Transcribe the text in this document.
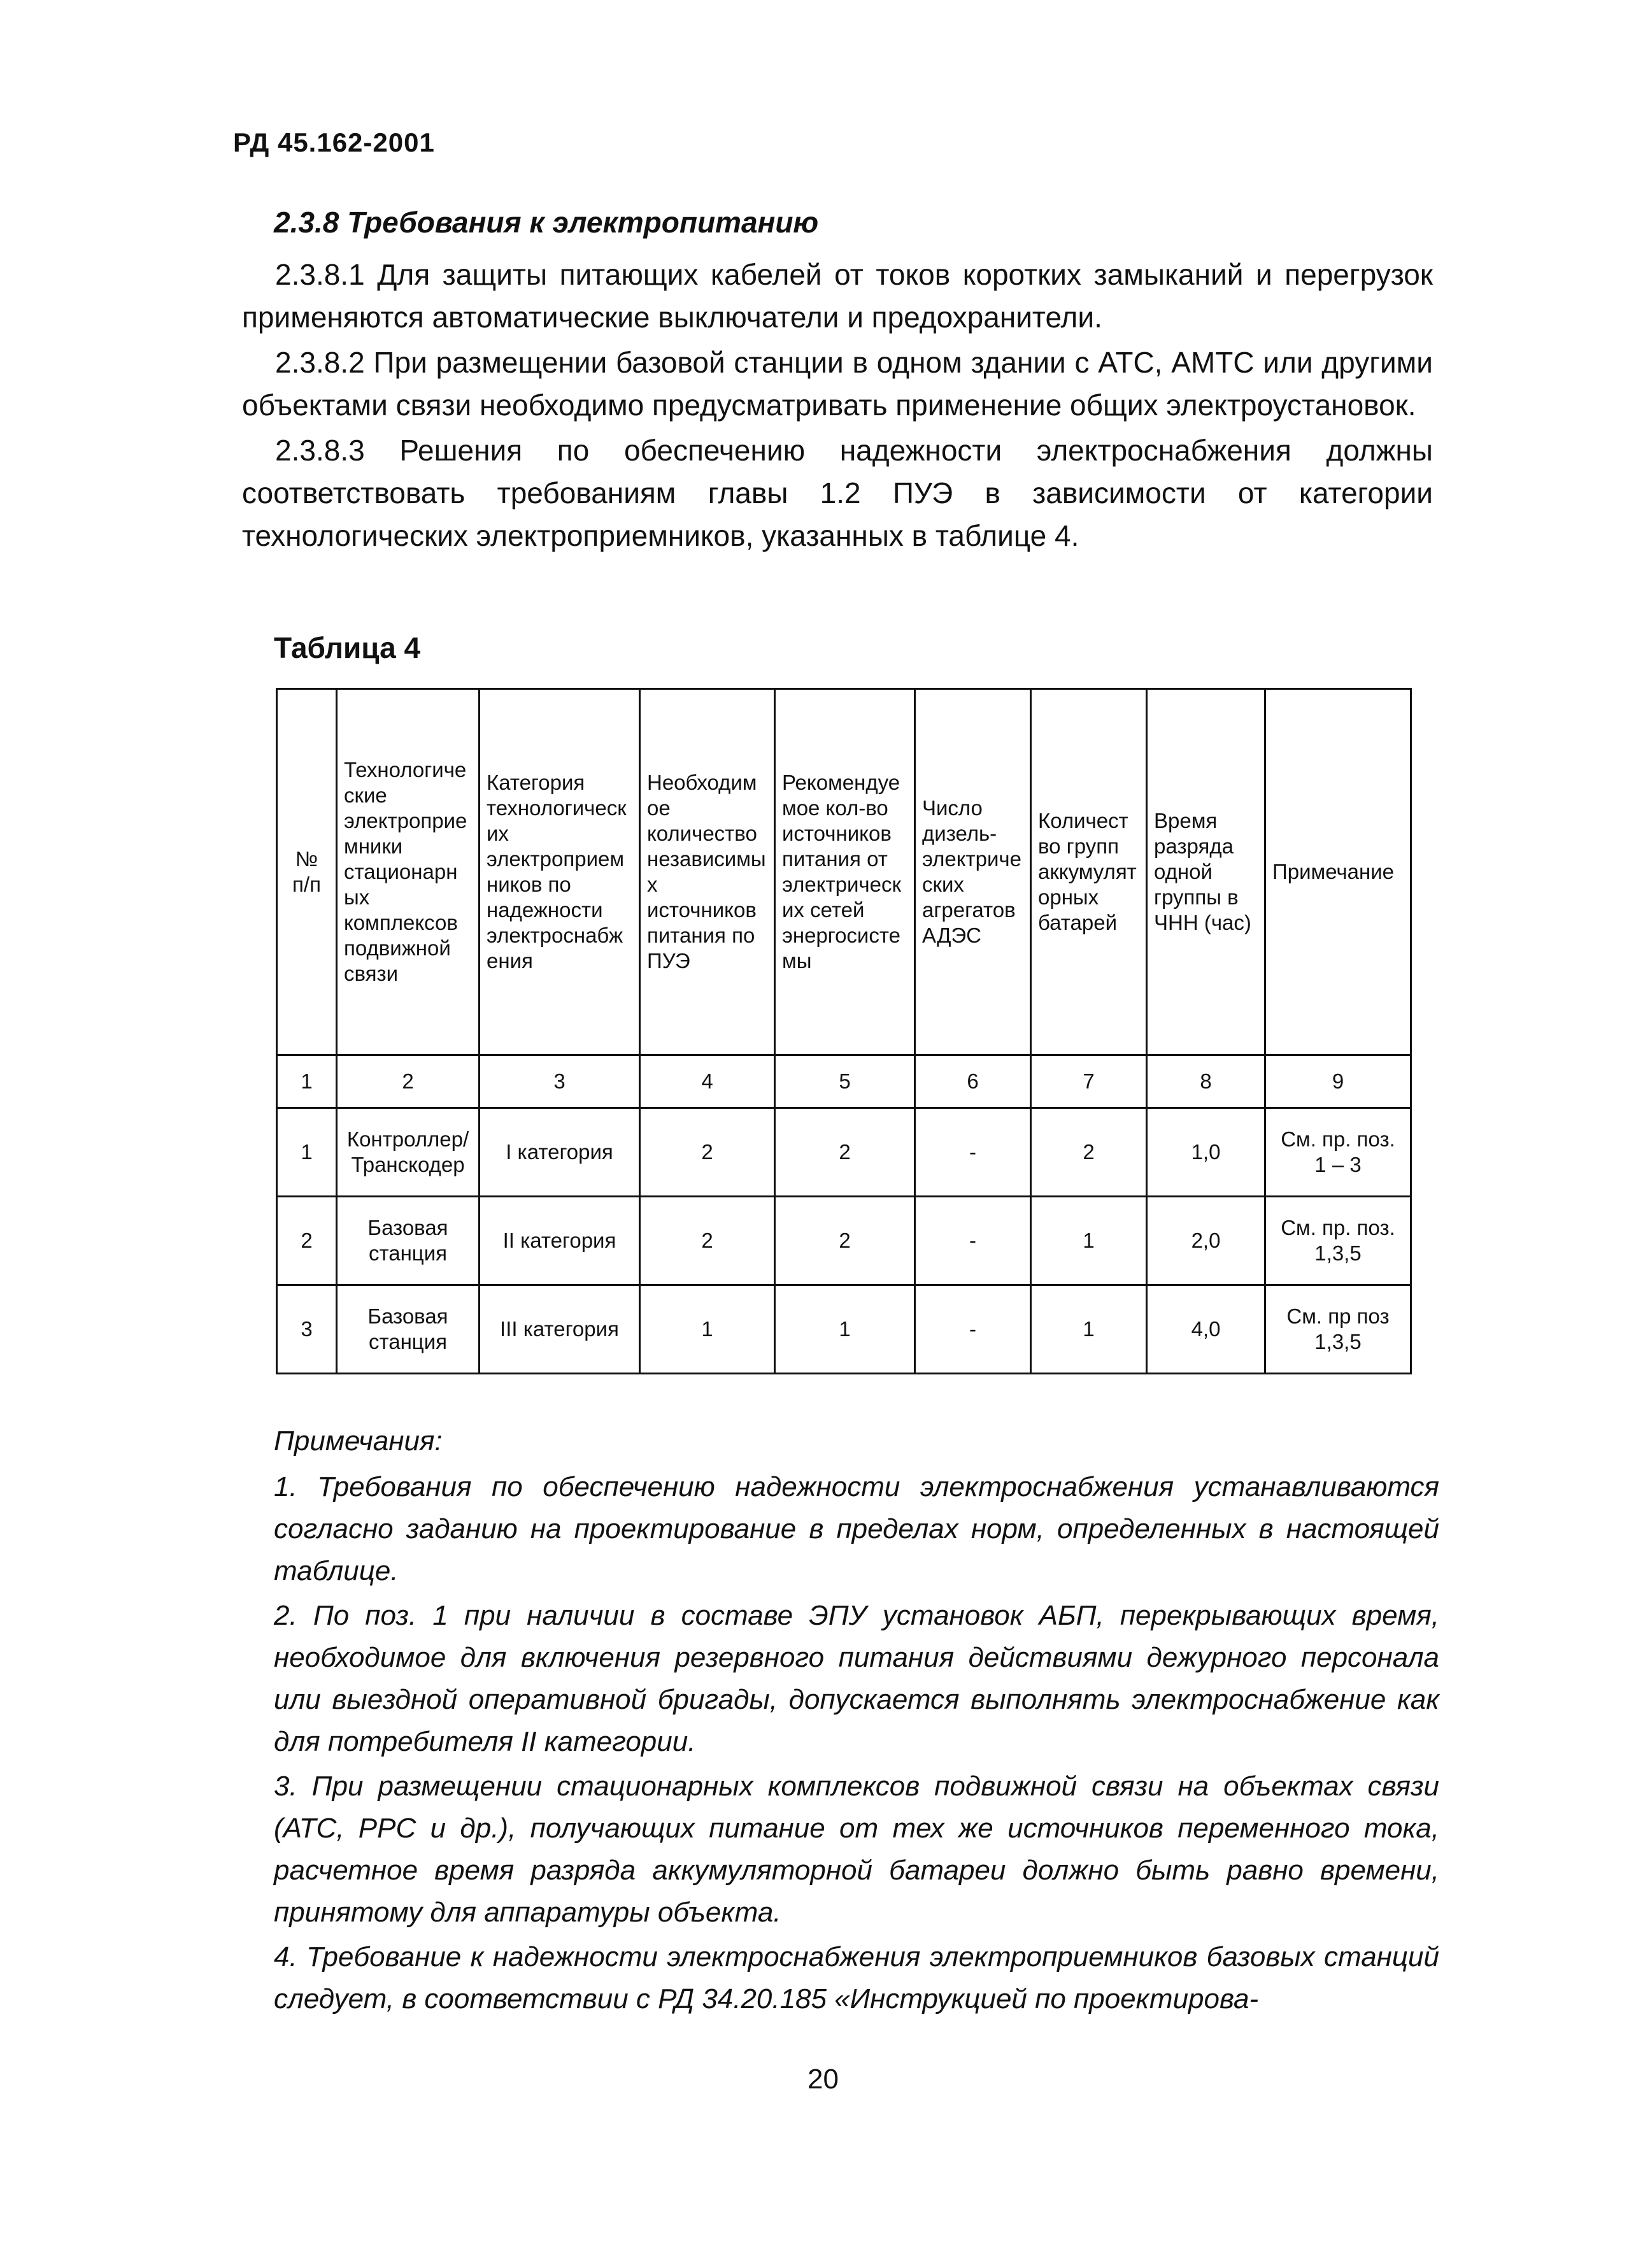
РД 45.162-2001
2.3.8 Требования к электропитанию

2.3.8.1 Для защиты питающих кабелей от токов коротких замыканий и перегрузок применяются автоматические выключатели и предохранители.

2.3.8.2 При размещении базовой станции в одном здании с АТС, АМТС или другими объектами связи необходимо предусматривать применение общих электроустановок.

2.3.8.3 Решения по обеспечению надежности электроснабжения должны соответствовать требованиям главы 1.2 ПУЭ в зависимости от категории технологических электроприемников, указанных в таблице 4.

Таблица 4
№ п/п	Технологические электроприемники стационарных комплексов подвижной связи	Категория технологических электроприемников по надежности электроснабжения	Необходимое количество независимых источников питания по ПУЭ	Рекомендуемое кол-во источников питания от электрических сетей энергосистемы	Число дизель-электрических агрегатов АДЭС	Количество групп аккумуляторных батарей	Время разряда одной группы в ЧНН (час)	Примечание
1	2	3	4	5	6	7	8	9
1	Контроллер/ Транскодер	I категория	2	2	-	2	1,0	См. пр. поз. 1 – 3
2	Базовая станция	II категория	2	2	-	1	2,0	См. пр. поз. 1,3,5
3	Базовая станция	III категория	1	1	-	1	4,0	См. пр поз 1,3,5
Примечания:

1. Требования по обеспечению надежности электроснабжения устанавливаются согласно заданию на проектирование в пределах норм, определенных в настоящей таблице.

2. По поз. 1 при наличии в составе ЭПУ установок АБП, перекрывающих время, необходимое для включения резервного питания действиями дежурного персонала или выездной оперативной бригады, допускается выполнять электроснабжение как для потребителя II категории.

3. При размещении стационарных комплексов подвижной связи на объектах связи (АТС, РРС и др.), получающих питание от тех же источников переменного тока, расчетное время разряда аккумуляторной батареи должно быть равно времени, принятому для аппаратуры объекта.

4. Требование к надежности электроснабжения электроприемников базовых станций следует, в соответствии с РД 34.20.185 «Инструкцией по проектирова-

20
